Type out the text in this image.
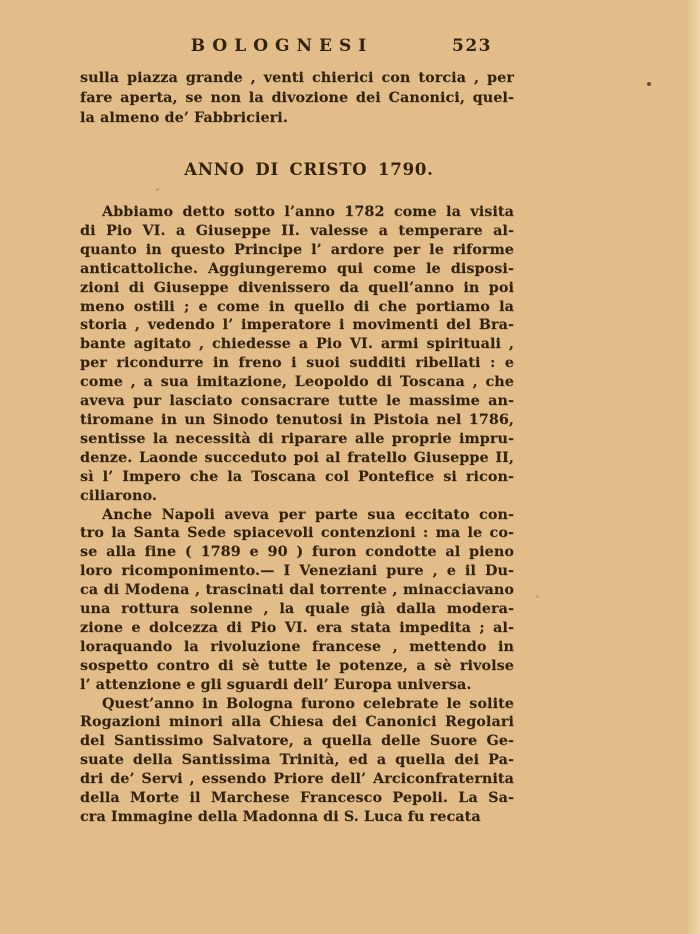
BOLOGNESI	523
sulla piazza grande , venti chierici con torcia , per
fare aperta, se non la divozione dei Canonici, quel-
la almeno de’ Fabbricieri.
ANNO DI CRISTO 1790.
Abbiamo detto sotto l’anno 1782 come la visita
di Pio VI. a Giuseppe II. valesse a temperare al-
quanto in questo Principe l’ ardore per le riforme
anticattoliche. Aggiungeremo qui come le disposi-
zioni di Giuseppe divenissero da quell’anno in poi
meno ostili ; e come in quello di che portiamo la
storia , vedendo l’ imperatore i movimenti del Bra-
bante agitato , chiedesse a Pio VI. armi spirituali ,
per ricondurre in freno i suoi sudditi ribellati : e
come , a sua imitazione, Leopoldo di Toscana , che
aveva pur lasciato consacrare tutte le massime an-
tiromane in un Sinodo tenutosi in Pistoia nel 1786,
sentisse la necessità di riparare alle proprie impru-
denze. Laonde succeduto poi al fratello Giuseppe II,
sì l’ Impero che la Toscana col Pontefice si ricon-
ciliarono.
Anche Napoli aveva per parte sua eccitato con-
tro la Santa Sede spiacevoli contenzioni : ma le co-
se alla fine ( 1789 e 90 ) furon condotte al pieno
loro ricomponimento.— I Veneziani pure , e il Du-
ca di Modena , trascinati dal torrente , minacciavano
una rottura solenne , la quale già dalla modera-
zione e dolcezza di Pio VI. era stata impedita ; al-
loraquando la rivoluzione francese , mettendo in
sospetto contro di sè tutte le potenze, a sè rivolse
l’ attenzione e gli sguardi dell’ Europa universa.
Quest’anno in Bologna furono celebrate le solite
Rogazioni minori alla Chiesa dei Canonici Regolari
del Santissimo Salvatore, a quella delle Suore Ge-
suate della Santissima Trinità, ed a quella dei Pa-
dri de’ Servi , essendo Priore dell’ Arciconfraternita
della Morte il Marchese Francesco Pepoli. La Sa-
cra Immagine della Madonna di S. Luca fu recata
